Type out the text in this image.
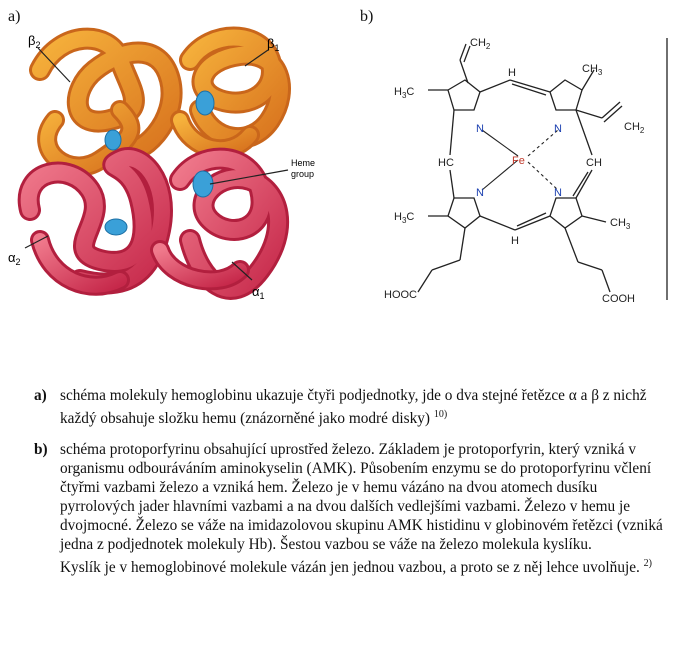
a)	b)
$\beta_2$	$\beta_1$
Heme
group
$\alpha_2$
$\alpha_1$
$CH_2$
$CH_3$
$H_3C$
$CH_2$
N	N
N	N
Fe
HC	CH
H
H
$H_3C$	$CH_3$
HOOC	COOH
a) schéma molekuly hemoglobinu ukazuje čtyři podjednotky, jde o dva stejné řetězce α a β z nichž každý obsahuje složku hemu (znázorněné jako modré disky) $^{10)}$
b) schéma protoporfyrinu obsahující uprostřed železo. Základem je protoporfyrin, který vzniká v organismu odbouráváním aminokyselin (AMK). Působením enzymu se do protoporfyrinu včlení čtyřmi vazbami železo a vzniká hem. Železo je v hemu vázáno na dvou atomech dusíku pyrrolových jader hlavními vazbami a na dvou dalších vedlejšími vazbami. Železo v hemu je dvojmocné. Železo se váže na imidazolovou skupinu AMK histidinu v globinovém řetězci (vzniká jedna z podjednotek molekuly Hb). Šestou vazbou se váže na železo molekula kyslíku.

Kyslík je v hemoglobinové molekule vázán jen jednou vazbou, a proto se z něj lehce uvolňuje. $^{2)}$
